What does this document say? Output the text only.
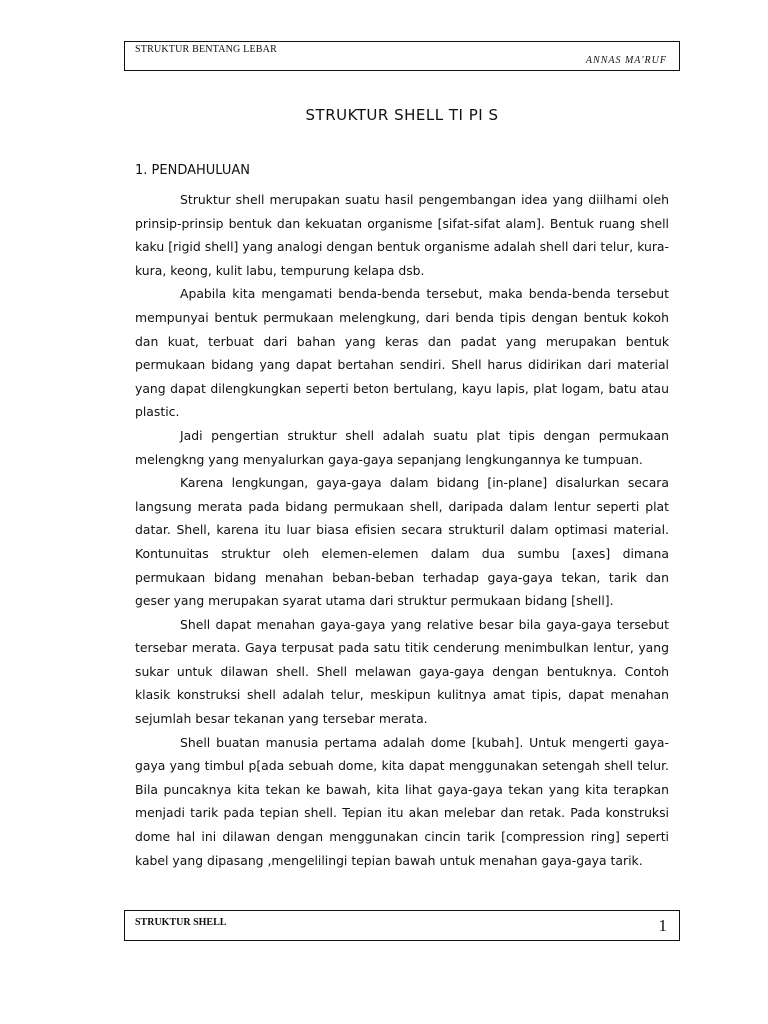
STRUKTUR BENTANG LEBAR
ANNAS MA'RUF
STRUKTUR SHELL TI PI S
1. PENDAHULUAN

Struktur shell merupakan suatu hasil pengembangan idea yang diilhami oleh prinsip-prinsip bentuk dan kekuatan organisme [sifat-sifat alam]. Bentuk ruang shell kaku [rigid shell] yang analogi dengan bentuk organisme adalah shell dari telur, kura-kura, keong, kulit labu, tempurung kelapa dsb.

Apabila kita mengamati benda-benda tersebut, maka benda-benda tersebut mempunyai bentuk permukaan melengkung, dari benda tipis dengan bentuk kokoh dan kuat, terbuat dari bahan yang keras dan padat yang merupakan bentuk permukaan bidang yang dapat bertahan sendiri. Shell harus didirikan dari material yang dapat dilengkungkan seperti beton bertulang, kayu lapis, plat logam, batu atau plastic.

Jadi pengertian struktur shell adalah suatu plat tipis dengan permukaan melengkng yang menyalurkan gaya-gaya sepanjang lengkungannya ke tumpuan.

Karena lengkungan, gaya-gaya dalam bidang [in-plane] disalurkan secara langsung merata pada bidang permukaan shell, daripada dalam lentur seperti plat datar. Shell, karena itu luar biasa efisien secara strukturil dalam optimasi material. Kontunuitas struktur oleh elemen-elemen dalam dua sumbu [axes] dimana permukaan bidang menahan beban-beban terhadap gaya-gaya tekan, tarik dan geser yang merupakan syarat utama dari struktur permukaan bidang [shell].

Shell dapat menahan gaya-gaya yang relative besar bila gaya-gaya tersebut tersebar merata. Gaya terpusat pada satu titik cenderung menimbulkan lentur, yang sukar untuk dilawan shell. Shell melawan gaya-gaya dengan bentuknya. Contoh klasik konstruksi shell adalah telur, meskipun kulitnya amat tipis, dapat menahan sejumlah besar tekanan yang tersebar merata.

Shell buatan manusia pertama adalah dome [kubah]. Untuk mengerti gaya-gaya yang timbul p[ada sebuah dome, kita dapat menggunakan setengah shell telur. Bila puncaknya kita tekan ke bawah, kita lihat gaya-gaya tekan yang kita terapkan menjadi tarik pada tepian shell. Tepian itu akan melebar dan retak. Pada konstruksi dome hal ini dilawan dengan menggunakan cincin tarik [compression ring] seperti kabel yang dipasang ,mengelilingi tepian bawah untuk menahan gaya-gaya tarik.

STRUKTUR SHELL	1
